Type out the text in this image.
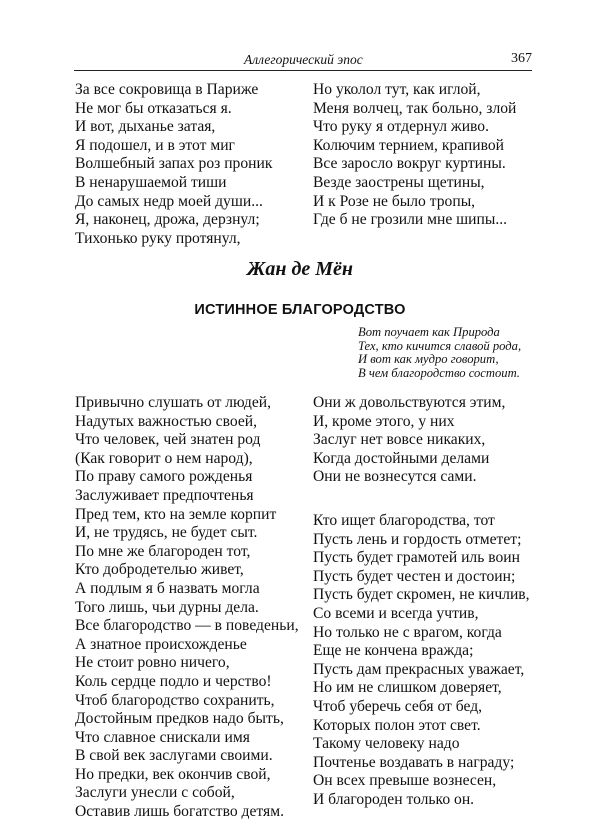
Аллегорический эпос	367
За все сокровища в Париже
Не мог бы отказаться я.
И вот, дыханье затая,
Я подошел, и в этот миг
Волшебный запах роз проник
В ненарушаемой тиши
До самых недр моей души...
Я, наконец, дрожа, дерзнул;
Тихонько руку протянул,
Но уколол тут, как иглой,
Меня волчец, так больно, злой
Что руку я отдернул живо.
Колючим тернием, крапивой
Все заросло вокруг куртины.
Везде заострены щетины,
И к Розе не было тропы,
Где б не грозили мне шипы...
Жан де Мён
ИСТИННОЕ БЛАГОРОДСТВО
Вот поучает как Природа
Тех, кто кичится славой рода,
И вот как мудро говорит,
В чем благородство состоит.
Привычно слушать от людей,
Надутых важностью своей,
Что человек, чей знатен род
(Как говорит о нем народ),
По праву самого рожденья
Заслуживает предпочтенья
Пред тем, кто на земле корпит
И, не трудясь, не будет сыт.
По мне же благороден тот,
Кто добродетелью живет,
А подлым я б назвать могла
Того лишь, чьи дурны дела.
Все благородство — в поведеньи,
А знатное происхожденье
Не стоит ровно ничего,
Коль сердце подло и черство!
Чтоб благородство сохранить,
Достойным предков надо быть,
Что славное снискали имя
В свой век заслугами своими.
Но предки, век окончив свой,
Заслуги унесли с собой,
Оставив лишь богатство детям.
Они ж довольствуются этим,
И, кроме этого, у них
Заслуг нет вовсе никаких,
Когда достойными делами
Они не вознесутся сами.
Кто ищет благородства, тот
Пусть лень и гордость отметет;
Пусть будет грамотей иль воин
Пусть будет честен и достоин;
Пусть будет скромен, не кичлив,
Со всеми и всегда учтив,
Но только не с врагом, когда
Еще не кончена вражда;
Пусть дам прекрасных уважает,
Но им не слишком доверяет,
Чтоб уберечь себя от бед,
Которых полон этот свет.
Такому человеку надо
Почтенье воздавать в награду;
Он всех превыше вознесен,
И благороден только он.
